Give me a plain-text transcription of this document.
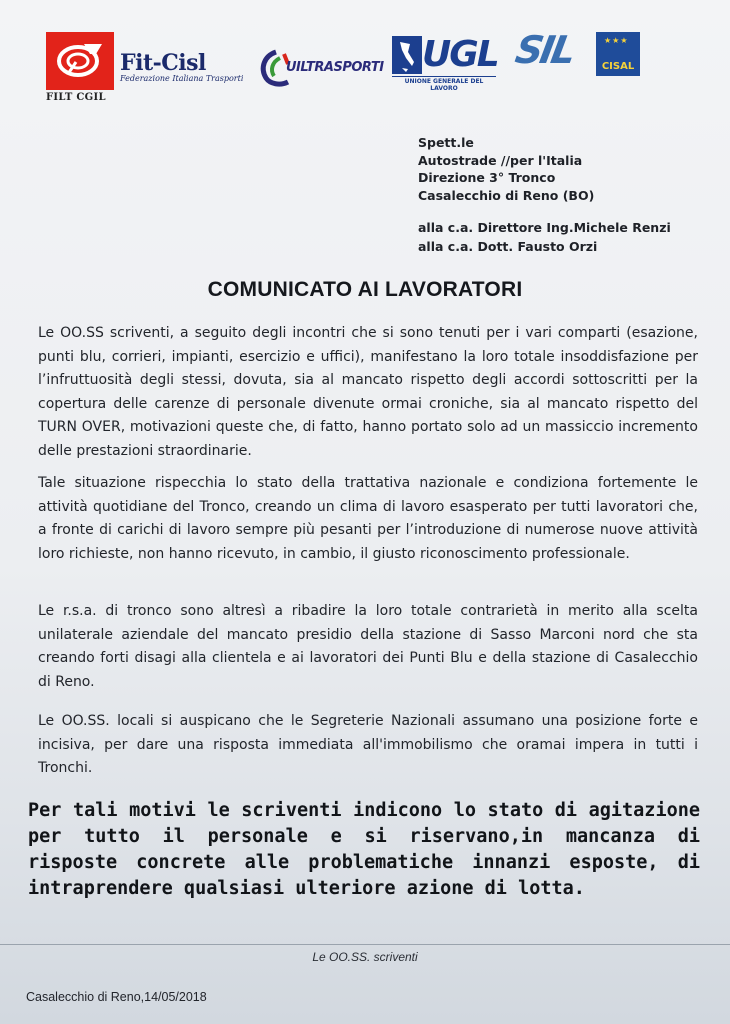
FILT CGIL
Fit-Cisl
Federazione Italiana Trasporti
UILTRASPORTI UGL
UNIONE GENERALE DEL LAVORO
SIL	★★★
CISAL
Spett.le
Autostrade //per l'Italia
Direzione 3° Tronco
Casalecchio di Reno (BO)
alla c.a. Direttore Ing.Michele Renzi
alla c.a. Dott. Fausto Orzi
COMUNICATO AI LAVORATORI
Le OO.SS scriventi, a seguito degli incontri che si sono tenuti per i vari comparti (esazione, punti blu, corrieri, impianti, esercizio e uffici), manifestano la loro totale insoddisfazione per l’infruttuosità degli stessi, dovuta, sia al mancato rispetto degli accordi sottoscritti per la copertura delle carenze di personale divenute ormai croniche, sia al mancato rispetto del TURN OVER, motivazioni queste che, di fatto, hanno portato solo ad un massiccio incremento delle prestazioni straordinarie.
Tale situazione rispecchia lo stato della trattativa nazionale e condiziona fortemente le attività quotidiane del Tronco, creando un clima di lavoro esasperato per tutti lavoratori che, a fronte di carichi di lavoro sempre più pesanti per l’introduzione di numerose nuove attività loro richieste, non hanno ricevuto, in cambio, il giusto riconoscimento professionale.
Le r.s.a. di tronco sono altresì a ribadire la loro totale contrarietà in merito alla scelta unilaterale aziendale del mancato presidio della stazione di Sasso Marconi nord che sta creando forti disagi alla clientela e ai lavoratori dei Punti Blu e della stazione di Casalecchio di Reno.
Le OO.SS. locali si auspicano che le Segreterie Nazionali assumano una posizione forte e incisiva, per dare una risposta immediata all'immobilismo che oramai impera in tutti i Tronchi.
Per tali motivi le scriventi indicono lo stato di agitazione per tutto il personale e si riservano,in mancanza di risposte concrete alle problematiche innanzi esposte, di intraprendere qualsiasi ulteriore azione di lotta.
Le OO.SS. scriventi
Casalecchio di Reno,14/05/2018
